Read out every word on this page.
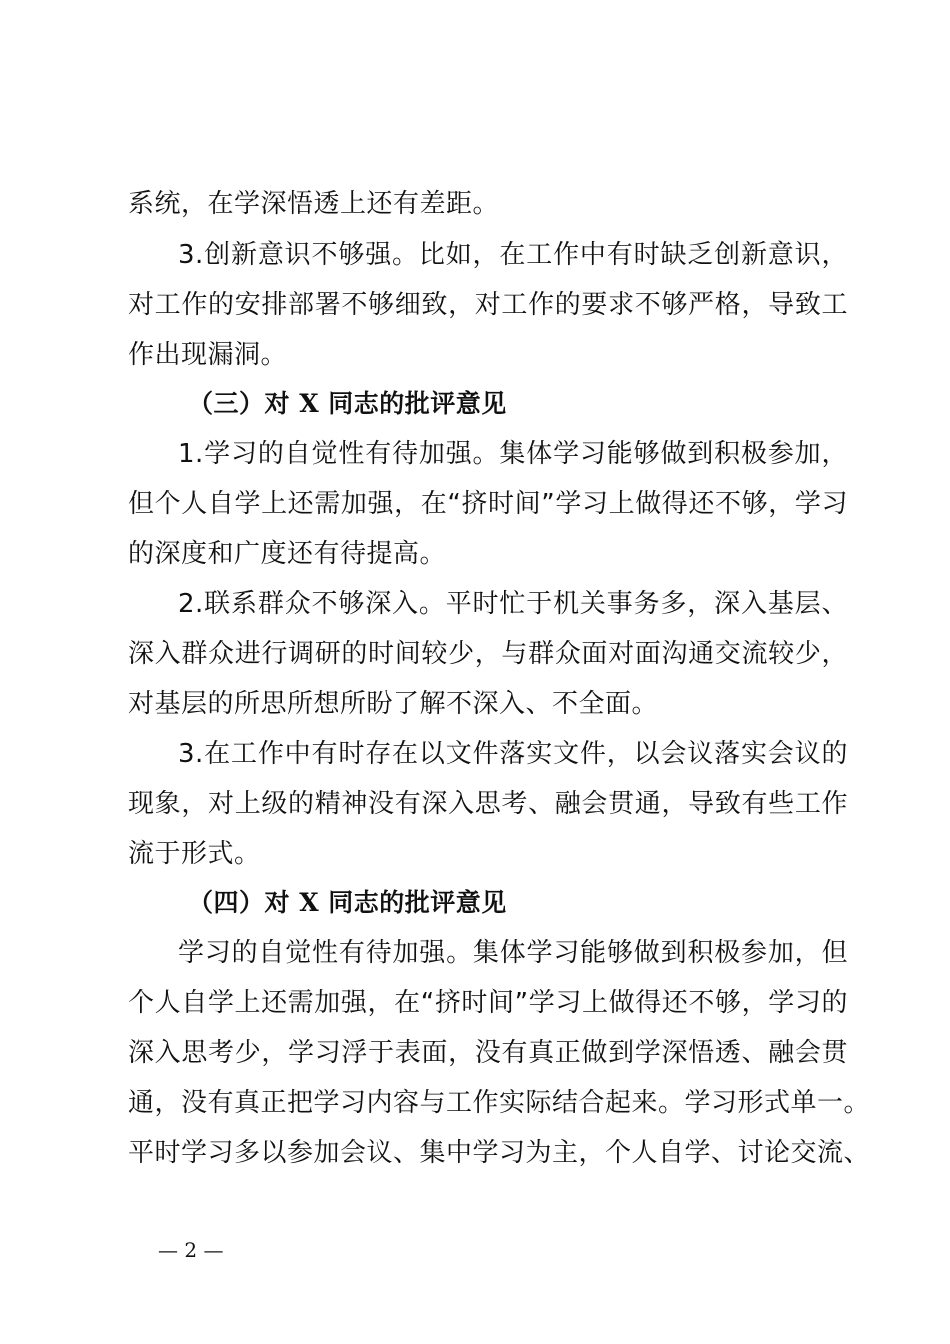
系统，在学深悟透上还有差距。
3.创新意识不够强。比如，在工作中有时缺乏创新意识，
对工作的安排部署不够细致，对工作的要求不够严格，导致工
作出现漏洞。
（三）对 X 同志的批评意见
1.学习的自觉性有待加强。集体学习能够做到积极参加，
但个人自学上还需加强，在“挤时间”学习上做得还不够，学习
的深度和广度还有待提高。
2.联系群众不够深入。平时忙于机关事务多，深入基层、
深入群众进行调研的时间较少，与群众面对面沟通交流较少，
对基层的所思所想所盼了解不深入、不全面。
3.在工作中有时存在以文件落实文件，以会议落实会议的
现象，对上级的精神没有深入思考、融会贯通，导致有些工作
流于形式。
（四）对 X 同志的批评意见
学习的自觉性有待加强。集体学习能够做到积极参加，但
个人自学上还需加强，在“挤时间”学习上做得还不够，学习的
深入思考少，学习浮于表面，没有真正做到学深悟透、融会贯
通，没有真正把学习内容与工作实际结合起来。学习形式单一。
平时学习多以参加会议、集中学习为主，个人自学、讨论交流、
— 2 —
